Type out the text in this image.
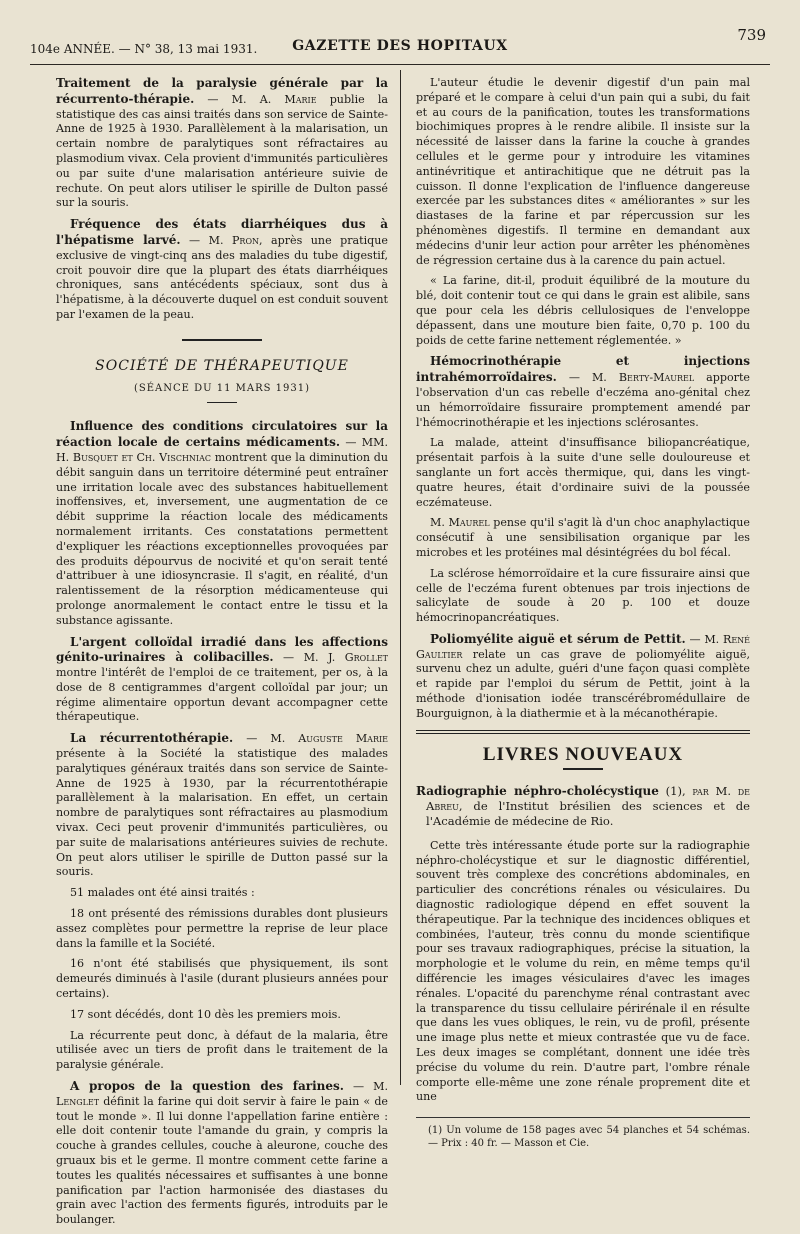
104e ANNÉE. — N° 38, 13 mai 1931.	GAZETTE DES HOPITAUX
739

Traitement de la paralysie générale par la récurrento-thérapie. — M. A. Marie publie la statistique des cas ainsi traités dans son service de Sainte-Anne de 1925 à 1930. Parallèlement à la malarisation, un certain nombre de paralytiques sont réfractaires au plasmodium vivax. Cela provient d'immunités particulières ou par suite d'une malarisation antérieure suivie de rechute. On peut alors utiliser le spirille de Dulton passé sur la souris.

Fréquence des états diarrhéiques dus à l'hépatisme larvé. — M. Pron, après une pratique exclusive de vingt-cinq ans des maladies du tube digestif, croit pouvoir dire que la plupart des états diarrhéiques chroniques, sans antécédents spéciaux, sont dus à l'hépatisme, à la découverte duquel on est conduit souvent par l'examen de la peau.

SOCIÉTÉ DE THÉRAPEUTIQUE
(SÉANCE DU 11 MARS 1931)

Influence des conditions circulatoires sur la réaction locale de certains médicaments. — MM. H. Busquet et Ch. Vischniac montrent que la diminution du débit sanguin dans un territoire déterminé peut entraîner une irritation locale avec des substances habituellement inoffensives, et, inversement, une augmentation de ce débit supprime la réaction locale des médicaments normalement irritants. Ces constatations permettent d'expliquer les réactions exceptionnelles provoquées par des produits dépourvus de nocivité et qu'on serait tenté d'attribuer à une idiosyncrasie. Il s'agit, en réalité, d'un ralentissement de la résorption médicamenteuse qui prolonge anormalement le contact entre le tissu et la substance agissante.

L'argent colloïdal irradié dans les affections génito-urinaires à colibacilles. — M. J. Grollet montre l'intérêt de l'emploi de ce traitement, per os, à la dose de 8 centigrammes d'argent colloïdal par jour; un régime alimentaire opportun devant accompagner cette thérapeutique.

La récurrentothérapie. — M. Auguste Marie présente à la Société la statistique des malades paralytiques généraux traités dans son service de Sainte-Anne de 1925 à 1930, par la récurrentothérapie parallèlement à la malarisation. En effet, un certain nombre de paralytiques sont réfractaires au plasmodium vivax. Ceci peut provenir d'immunités particulières, ou par suite de malarisations antérieures suivies de rechute. On peut alors utiliser le spirille de Dutton passé sur la souris.

51 malades ont été ainsi traités :

18 ont présenté des rémissions durables dont plusieurs assez complètes pour permettre la reprise de leur place dans la famille et la Société.

16 n'ont été stabilisés que physiquement, ils sont demeurés diminués à l'asile (durant plusieurs années pour certains).

17 sont décédés, dont 10 dès les premiers mois.

La récurrente peut donc, à défaut de la malaria, être utilisée avec un tiers de profit dans le traitement de la paralysie générale.

A propos de la question des farines. — M. Lenglet définit la farine qui doit servir à faire le pain « de tout le monde ». Il lui donne l'appellation farine entière : elle doit contenir toute l'amande du grain, y compris la couche à grandes cellules, couche à aleurone, couche des gruaux bis et le germe. Il montre comment cette farine a toutes les qualités nécessaires et suffisantes à une bonne panification par l'action harmonisée des diastases du grain avec l'action des ferments figurés, introduits par le boulanger.

L'auteur étudie le devenir digestif d'un pain mal préparé et le compare à celui d'un pain qui a subi, du fait et au cours de la panification, toutes les transformations biochimiques propres à le rendre alibile. Il insiste sur la nécessité de laisser dans la farine la couche à grandes cellules et le germe pour y introduire les vitamines antinévritique et antirachitique que ne détruit pas la cuisson. Il donne l'explication de l'influence dangereuse exercée par les substances dites « améliorantes » sur les diastases de la farine et par répercussion sur les phénomènes digestifs. Il termine en demandant aux médecins d'unir leur action pour arrêter les phénomènes de régression certaine dus à la carence du pain actuel.

« La farine, dit-il, produit équilibré de la mouture du blé, doit contenir tout ce qui dans le grain est alibile, sans que pour cela les débris cellulosiques de l'enveloppe dépassent, dans une mouture bien faite, 0,70 p. 100 du poids de cette farine nettement réglementée. »

Hémocrinothérapie et injections intrahémorroïdaires. — M. Berty-Maurel apporte l'observation d'un cas rebelle d'eczéma ano-génital chez un hémorroïdaire fissuraire promptement amendé par l'hémocrinothérapie et les injections sclérosantes.

La malade, atteint d'insuffisance biliopancréatique, présentait parfois à la suite d'une selle douloureuse et sanglante un fort accès thermique, qui, dans les vingt-quatre heures, était d'ordinaire suivi de la poussée eczémateuse.

M. Maurel pense qu'il s'agit là d'un choc anaphylactique consécutif à une sensibilisation organique par les microbes et les protéines mal désintégrées du bol fécal.

La sclérose hémorroïdaire et la cure fissuraire ainsi que celle de l'eczéma furent obtenues par trois injections de salicylate de soude à 20 p. 100 et douze hémocrinopancréatiques.

Poliomyélite aiguë et sérum de Pettit. — M. René Gaultier relate un cas grave de poliomyélite aiguë, survenu chez un adulte, guéri d'une façon quasi complète et rapide par l'emploi du sérum de Pettit, joint à la méthode d'ionisation iodée transcérébromédullaire de Bourguignon, à la diathermie et à la mécanothérapie.

LIVRES NOUVEAUX

Radiographie néphro-cholécystique (1), par M. de Abreu, de l'Institut brésilien des sciences et de l'Académie de médecine de Rio.

Cette très intéressante étude porte sur la radiographie néphro-cholécystique et sur le diagnostic différentiel, souvent très complexe des concrétions abdominales, en particulier des concrétions rénales ou vésiculaires. Du diagnostic radiologique dépend en effet souvent la thérapeutique. Par la technique des incidences obliques et combinées, l'auteur, très connu du monde scientifique pour ses travaux radiographiques, précise la situation, la morphologie et le volume du rein, en même temps qu'il différencie les images vésiculaires d'avec les images rénales. L'opacité du parenchyme rénal contrastant avec la transparence du tissu cellulaire périrénale il en résulte que dans les vues obliques, le rein, vu de profil, présente une image plus nette et mieux contrastée que vu de face. Les deux images se complétant, donnent une idée très précise du volume du rein. D'autre part, l'ombre rénale comporte elle-même une zone rénale proprement dite et une

(1) Un volume de 158 pages avec 54 planches et 54 schémas. — Prix : 40 fr. — Masson et Cie.
